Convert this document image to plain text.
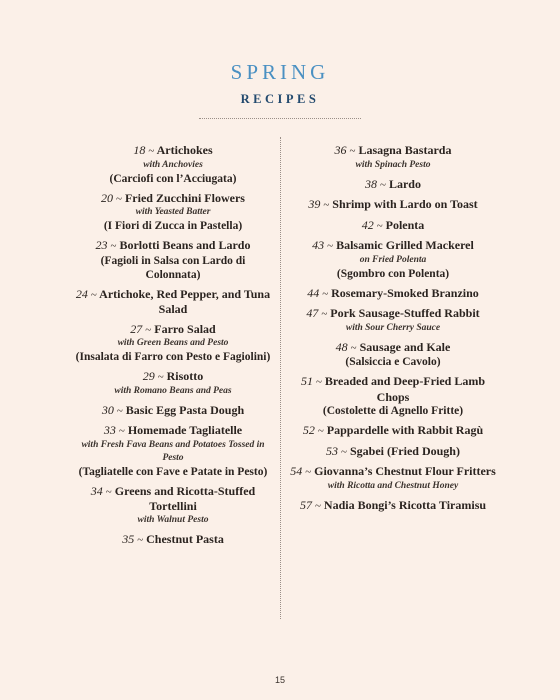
SPRING
RECIPES
18 ~ Artichokes
with Anchovies
(Carciofi con l’Acciugata)
20 ~ Fried Zucchini Flowers
with Yeasted Batter
(I Fiori di Zucca in Pastella)
23 ~ Borlotti Beans and Lardo
(Fagioli in Salsa con Lardo di Colonnata)
24 ~ Artichoke, Red Pepper, and Tuna Salad
27 ~ Farro Salad
with Green Beans and Pesto
(Insalata di Farro con Pesto e Fagiolini)
29 ~ Risotto
with Romano Beans and Peas
30 ~ Basic Egg Pasta Dough
33 ~ Homemade Tagliatelle
with Fresh Fava Beans and Potatoes Tossed in Pesto
(Tagliatelle con Fave e Patate in Pesto)
34 ~ Greens and Ricotta-Stuffed Tortellini
with Walnut Pesto
35 ~ Chestnut Pasta
36 ~ Lasagna Bastarda
with Spinach Pesto
38 ~ Lardo
39 ~ Shrimp with Lardo on Toast
42 ~ Polenta
43 ~ Balsamic Grilled Mackerel
on Fried Polenta
(Sgombro con Polenta)
44 ~ Rosemary-Smoked Branzino
47 ~ Pork Sausage-Stuffed Rabbit
with Sour Cherry Sauce
48 ~ Sausage and Kale
(Salsiccia e Cavolo)
51 ~ Breaded and Deep-Fried Lamb Chops
(Costolette di Agnello Fritte)
52 ~ Pappardelle with Rabbit Ragù
53 ~ Sgabei (Fried Dough)
54 ~ Giovanna’s Chestnut Flour Fritters
with Ricotta and Chestnut Honey
57 ~ Nadia Bongi’s Ricotta Tiramisu
15
